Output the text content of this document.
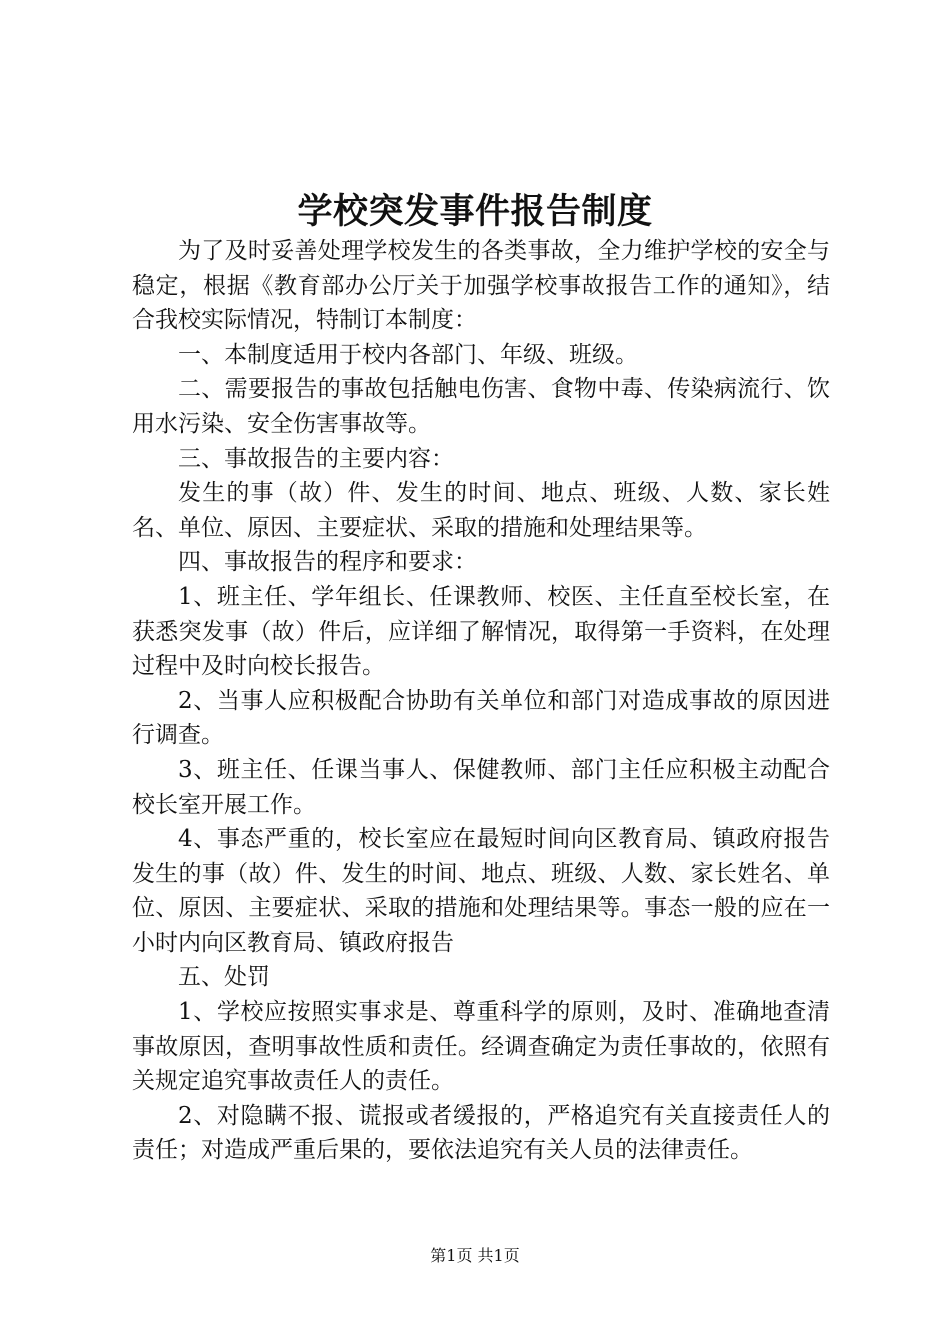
学校突发事件报告制度

为了及时妥善处理学校发生的各类事故，全力维护学校的安全与稳定，根据《教育部办公厅关于加强学校事故报告工作的通知》，结合我校实际情况，特制订本制度：

一、本制度适用于校内各部门、年级、班级。

二、需要报告的事故包括触电伤害、食物中毒、传染病流行、饮用水污染、安全伤害事故等。

三、事故报告的主要内容：

发生的事（故）件、发生的时间、地点、班级、人数、家长姓名、单位、原因、主要症状、采取的措施和处理结果等。

四、事故报告的程序和要求：

1、班主任、学年组长、任课教师、校医、主任直至校长室，在获悉突发事（故）件后，应详细了解情况，取得第一手资料，在处理过程中及时向校长报告。

2、当事人应积极配合协助有关单位和部门对造成事故的原因进行调查。

3、班主任、任课当事人、保健教师、部门主任应积极主动配合校长室开展工作。

4、事态严重的，校长室应在最短时间向区教育局、镇政府报告发生的事（故）件、发生的时间、地点、班级、人数、家长姓名、单位、原因、主要症状、采取的措施和处理结果等。事态一般的应在一小时内向区教育局、镇政府报告

五、处罚

1、学校应按照实事求是、尊重科学的原则，及时、准确地查清事故原因，查明事故性质和责任。经调查确定为责任事故的，依照有关规定追究事故责任人的责任。

2、对隐瞒不报、谎报或者缓报的，严格追究有关直接责任人的责任；对造成严重后果的，要依法追究有关人员的法律责任。

第1页 共1页
